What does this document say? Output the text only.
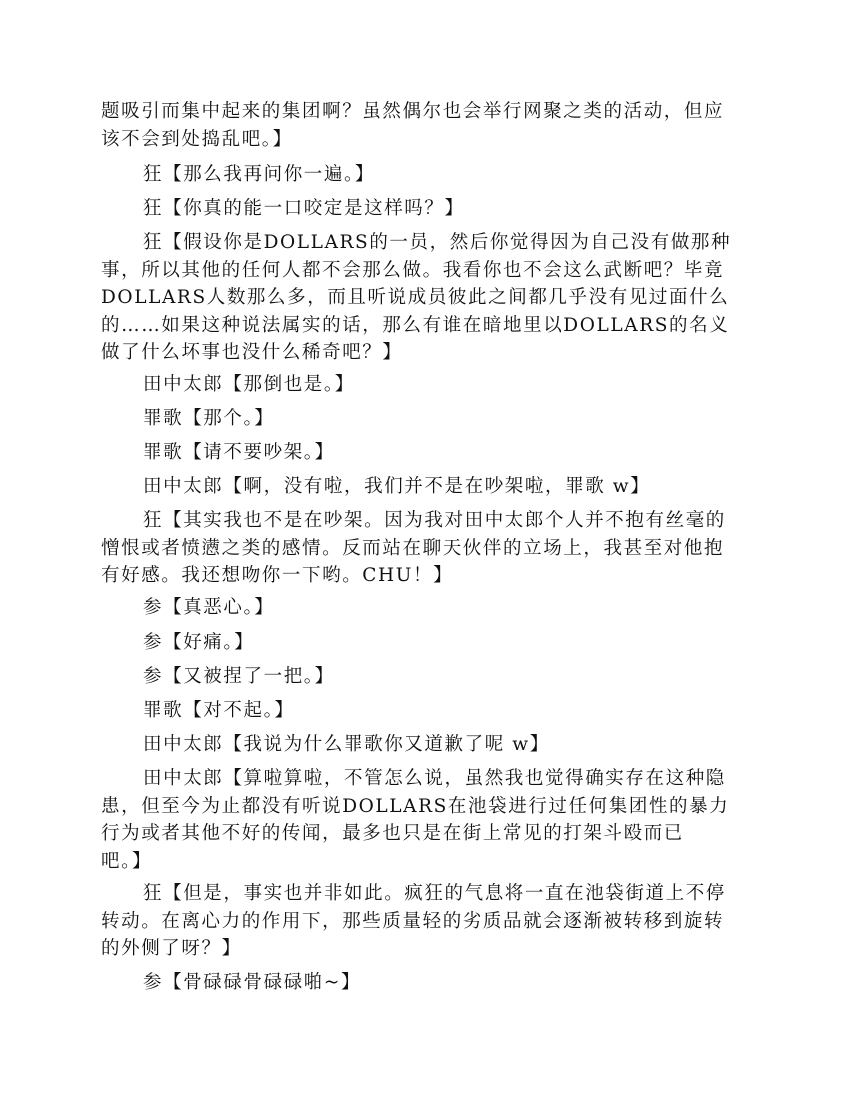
题吸引而集中起来的集团啊？虽然偶尔也会举行网聚之类的活动，但应
该不会到处捣乱吧。】
狂【那么我再问你一遍。】
狂【你真的能一口咬定是这样吗？】
狂【假设你是DOLLARS的一员，然后你觉得因为自己没有做那种
事，所以其他的任何人都不会那么做。我看你也不会这么武断吧？毕竟
DOLLARS人数那么多，而且听说成员彼此之间都几乎没有见过面什么
的……如果这种说法属实的话，那么有谁在暗地里以DOLLARS的名义
做了什么坏事也没什么稀奇吧？】
田中太郎【那倒也是。】
罪歌【那个。】
罪歌【请不要吵架。】
田中太郎【啊，没有啦，我们并不是在吵架啦，罪歌 w】
狂【其实我也不是在吵架。因为我对田中太郎个人并不抱有丝毫的
憎恨或者愤懑之类的感情。反而站在聊天伙伴的立场上，我甚至对他抱
有好感。我还想吻你一下哟。CHU！】
参【真恶心。】
参【好痛。】
参【又被捏了一把。】
罪歌【对不起。】
田中太郎【我说为什么罪歌你又道歉了呢 w】
田中太郎【算啦算啦，不管怎么说，虽然我也觉得确实存在这种隐
患，但至今为止都没有听说DOLLARS在池袋进行过任何集团性的暴力
行为或者其他不好的传闻，最多也只是在街上常见的打架斗殴而已
吧。】
狂【但是，事实也并非如此。疯狂的气息将一直在池袋街道上不停
转动。在离心力的作用下，那些质量轻的劣质品就会逐渐被转移到旋转
的外侧了呀？】
参【骨碌碌骨碌碌啪~】
